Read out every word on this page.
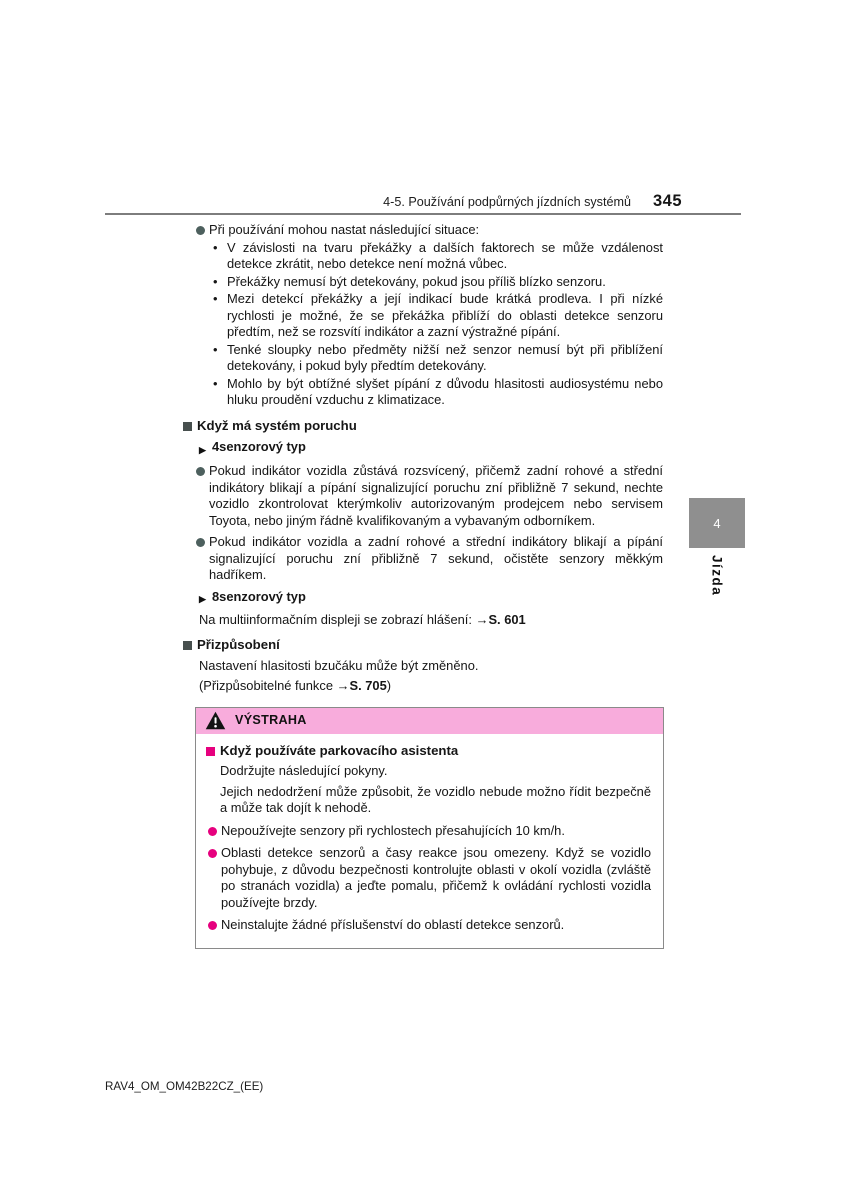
4-5. Používání podpůrných jízdních systémů 345
Při používání mohou nastat následující situace:
• V závislosti na tvaru překážky a dalších faktorech se může vzdálenost detekce zkrátit, nebo detekce není možná vůbec.
• Překážky nemusí být detekovány, pokud jsou příliš blízko senzoru.
• Mezi detekcí překážky a její indikací bude krátká prodleva. I při nízké rychlosti je možné, že se překážka přiblíží do oblasti detekce senzoru předtím, než se rozsvítí indikátor a zazní výstražné pípání.
• Tenké sloupky nebo předměty nižší než senzor nemusí být při přiblížení detekovány, i pokud byly předtím detekovány.
• Mohlo by být obtížné slyšet pípání z důvodu hlasitosti audiosystému nebo hluku proudění vzduchu z klimatizace.
Když má systém poruchu
▶ 4senzorový typ
Pokud indikátor vozidla zůstává rozsvícený, přičemž zadní rohové a střední indikátory blikají a pípání signalizující poruchu zní přibližně 7 sekund, nechte vozidlo zkontrolovat kterýmkoliv autorizovaným prodejcem nebo servisem Toyota, nebo jiným řádně kvalifikovaným a vybavaným odborníkem.
Pokud indikátor vozidla a zadní rohové a střední indikátory blikají a pípání signalizující poruchu zní přibližně 7 sekund, očistěte senzory měkkým hadříkem.
▶ 8senzorový typ

Na multiinformačním displeji se zobrazí hlášení: →S. 601

Přizpůsobení

Nastavení hlasitosti bzučáku může být změněno.

(Přizpůsobitelné funkce →S. 705)

VÝSTRAHA
Když používáte parkovacího asistenta

Dodržujte následující pokyny.

Jejich nedodržení může způsobit, že vozidlo nebude možno řídit bezpečně a může tak dojít k nehodě.

Nepoužívejte senzory při rychlostech přesahujících 10 km/h.
Oblasti detekce senzorů a časy reakce jsou omezeny. Když se vozidlo pohybuje, z důvodu bezpečnosti kontrolujte oblasti v okolí vozidla (zvláště po stranách vozidla) a jeďte pomalu, přičemž k ovládání rychlosti vozidla používejte brzdy.
Neinstalujte žádné příslušenství do oblastí detekce senzorů.
4
Jízda
RAV4_OM_OM42B22CZ_(EE)
